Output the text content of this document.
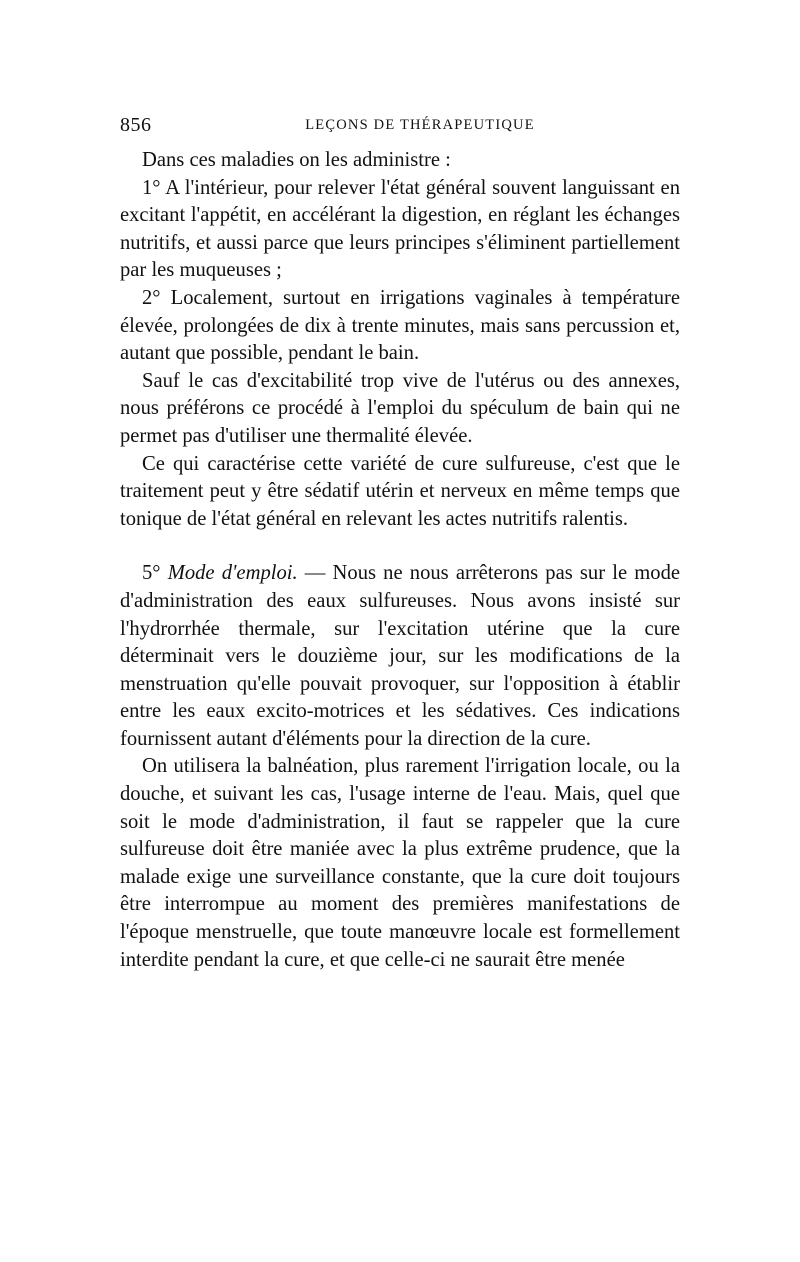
856	LEÇONS DE THÉRAPEUTIQUE

Dans ces maladies on les administre :

1° A l'intérieur, pour relever l'état général souvent languissant en excitant l'appétit, en accélérant la digestion, en réglant les échanges nutritifs, et aussi parce que leurs principes s'éliminent partiellement par les muqueuses ;

2° Localement, surtout en irrigations vaginales à température élevée, prolongées de dix à trente minutes, mais sans percussion et, autant que possible, pendant le bain.

Sauf le cas d'excitabilité trop vive de l'utérus ou des annexes, nous préférons ce procédé à l'emploi du spéculum de bain qui ne permet pas d'utiliser une thermalité élevée.

Ce qui caractérise cette variété de cure sulfureuse, c'est que le traitement peut y être sédatif utérin et nerveux en même temps que tonique de l'état général en relevant les actes nutritifs ralentis.

5° Mode d'emploi. — Nous ne nous arrêterons pas sur le mode d'administration des eaux sulfureuses. Nous avons insisté sur l'hydrorrhée thermale, sur l'excitation utérine que la cure déterminait vers le douzième jour, sur les modifications de la menstruation qu'elle pouvait provoquer, sur l'opposition à établir entre les eaux excito-motrices et les sédatives. Ces indications fournissent autant d'éléments pour la direction de la cure.

On utilisera la balnéation, plus rarement l'irrigation locale, ou la douche, et suivant les cas, l'usage interne de l'eau. Mais, quel que soit le mode d'administration, il faut se rappeler que la cure sulfureuse doit être maniée avec la plus extrême prudence, que la malade exige une surveillance constante, que la cure doit toujours être interrompue au moment des premières manifestations de l'époque menstruelle, que toute manœuvre locale est formellement interdite pendant la cure, et que celle-ci ne saurait être menée
